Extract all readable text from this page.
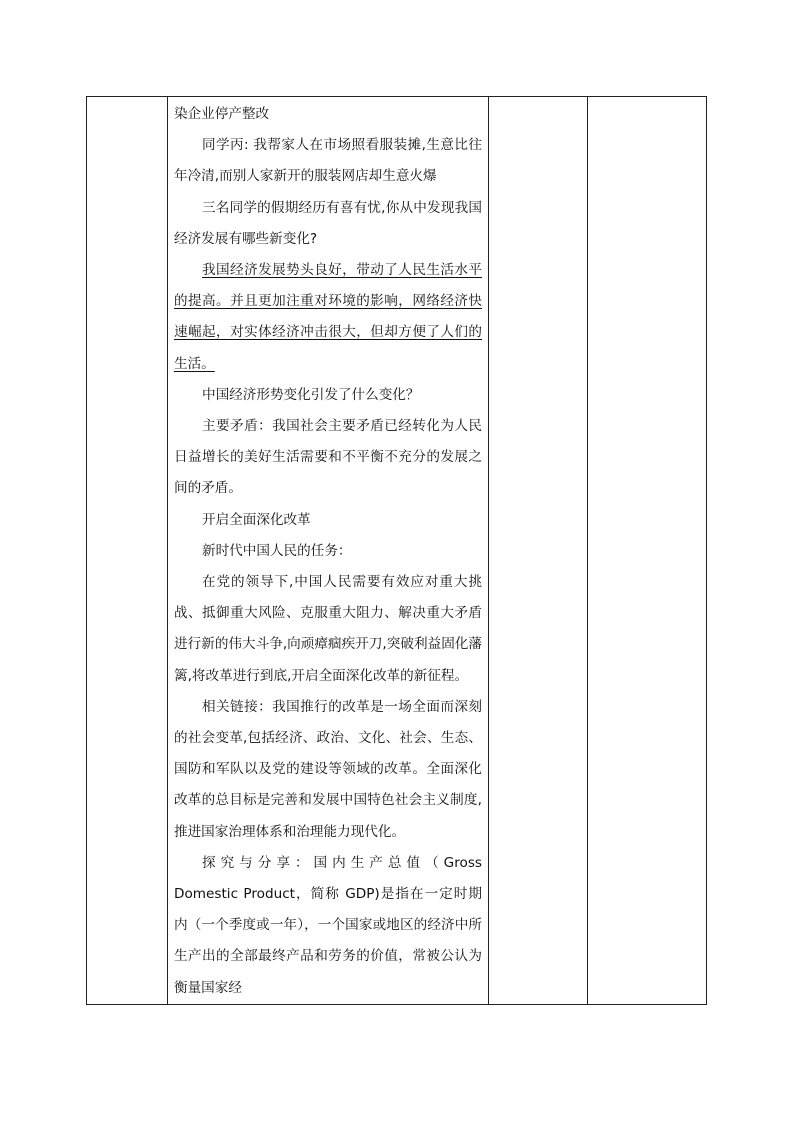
染企业停产整改

同学丙: 我帮家人在市场照看服装摊,生意比往年冷清,而别人家新开的服装网店却生意火爆

三名同学的假期经历有喜有忧,你从中发现我国经济发展有哪些新变化?

我国经济发展势头良好，带动了人民生活水平的提高。并且更加注重对环境的影响，网络经济快速崛起，对实体经济冲击很大，但却方便了人们的生活。

中国经济形势变化引发了什么变化？

主要矛盾：我国社会主要矛盾已经转化为人民日益增长的美好生活需要和不平衡不充分的发展之间的矛盾。

开启全面深化改革

新时代中国人民的任务：

在党的领导下,中国人民需要有效应对重大挑战、抵御重大风险、克服重大阻力、解决重大矛盾进行新的伟大斗争,向顽瘴痼疾开刀,突破利益固化藩篱,将改革进行到底,开启全面深化改革的新征程。

相关链接：我国推行的改革是一场全面而深刻的社会变革,包括经济、政治、文化、社会、生态、国防和军队以及党的建设等领域的改革。全面深化改革的总目标是完善和发展中国特色社会主义制度,推进国家治理体系和治理能力现代化。

探究与分享：国内生产总值（Gross Domestic Product，简称 GDP)是指在一定时期内（一个季度或一年），一个国家或地区的经济中所生产出的全部最终产品和劳务的价值，常被公认为衡量国家经
